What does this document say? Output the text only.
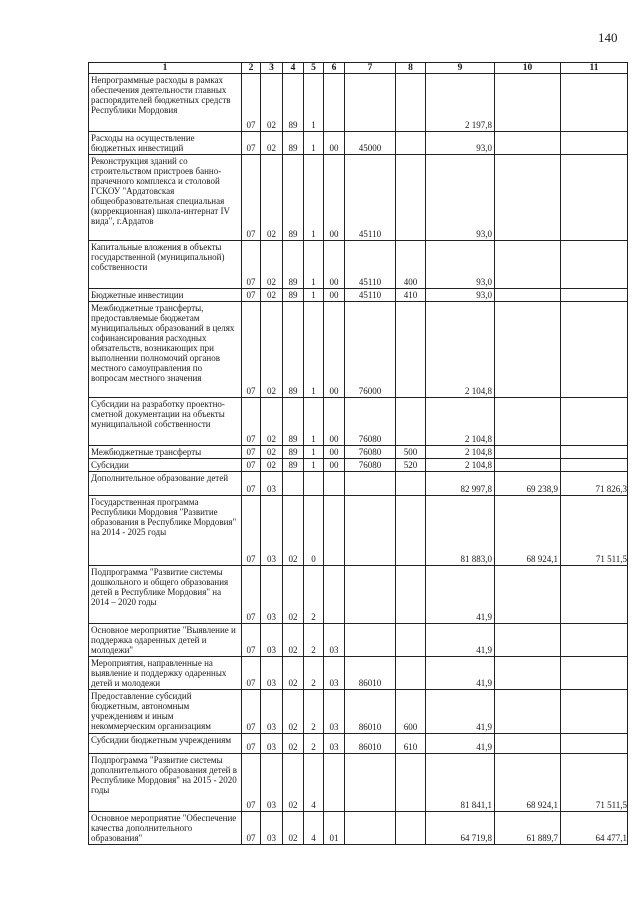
140
1	2	3	4	5	6	7	8	9	10	11
Непрограммные расходы в рамках обеспечения деятельности главных распорядителей бюджетных средств Республики Мордовия	07	02	89	1				2 197,8		
Расходы на осуществление бюджетных инвестиций	07	02	89	1	00	45000		93,0		
Реконструкция зданий со строительством пристроев банно-прачечного комплекса и столовой ГСКОУ "Ардатовская общеобразовательная специальная (коррекционная) школа-интернат IV вида", г.Ардатов	07	02	89	1	00	45110		93,0		
Капитальные вложения в объекты государственной (муниципальной) собственности	07	02	89	1	00	45110	400	93,0		
Бюджетные инвестиции	07	02	89	1	00	45110	410	93,0		
Межбюджетные трансферты, предоставляемые бюджетам муниципальных образований в целях софинансирования расходных обязательств, возникающих при выполнении полномочий органов местного самоуправления по вопросам местного значения	07	02	89	1	00	76000		2 104,8		
Субсидии на разработку проектно-сметной документации на объекты муниципальной собственности	07	02	89	1	00	76080		2 104,8		
Межбюджетные трансферты	07	02	89	1	00	76080	500	2 104,8		
Субсидии	07	02	89	1	00	76080	520	2 104,8		
Дополнительное образование детей	07	03						82 997,8	69 238,9	71 826,3
Государственная программа Республики Мордовия "Развитие образования в Республике Мордовия" на 2014 - 2025 годы	07	03	02	0				81 883,0	68 924,1	71 511,5
Подпрограмма "Развитие системы дошкольного и общего образования детей в Республике Мордовия" на 2014 – 2020 годы	07	03	02	2				41,9		
Основное мероприятие "Выявление и поддержка одаренных детей и молодежи"	07	03	02	2	03			41,9		
Мероприятия, направленные на выявление и поддержку одаренных детей и молодежи	07	03	02	2	03	86010		41,9		
Предоставление субсидий бюджетным, автономным учреждениям и иным некоммерческим организациям	07	03	02	2	03	86010	600	41,9		
Субсидии бюджетным учреждениям	07	03	02	2	03	86010	610	41,9		
Подпрограмма "Развитие системы дополнительного образования детей в Республике Мордовия" на 2015 - 2020 годы	07	03	02	4				81 841,1	68 924,1	71 511,5
Основное мероприятие "Обеспечение качества дополнительного образования"	07	03	02	4	01			64 719,8	61 889,7	64 477,1
